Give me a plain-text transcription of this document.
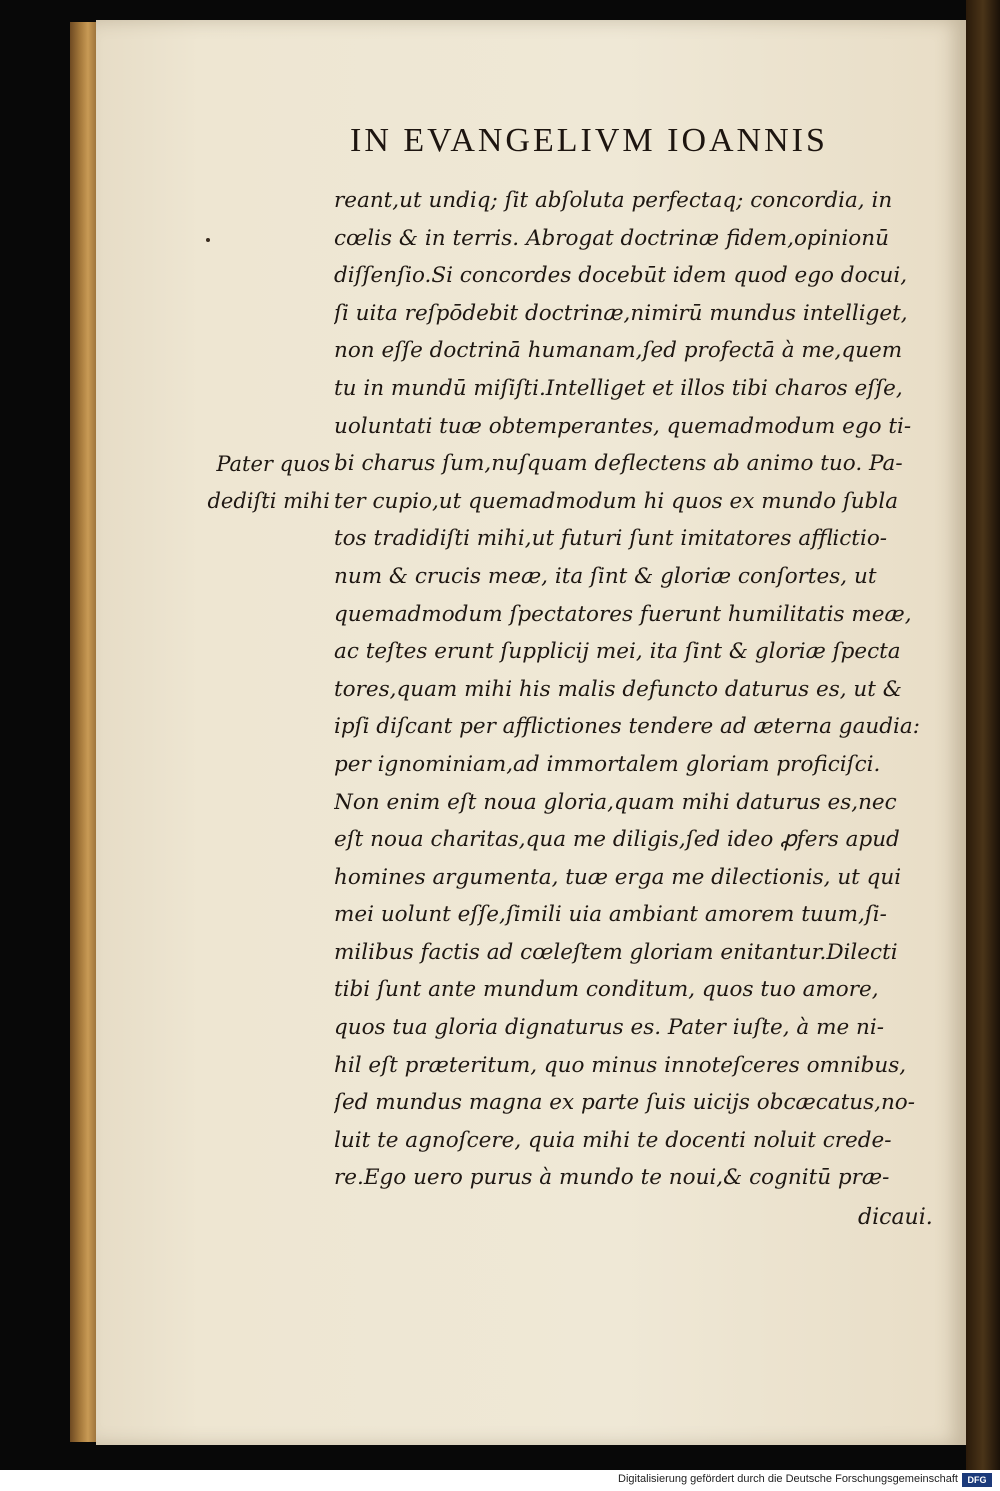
IN EVANGELIVM IOANNIS
Pater quos
dediſti mihi
reant,ut undiq; ſit abſoluta perfectaq; concordia, in
cœlis & in terris. Abrogat doctrinæ fidem,opinionū
diſſenſio.Si concordes docebūt idem quod ego docui,
ſi uita reſpōdebit doctrinæ,nimirū mundus intelliget,
non eſſe doctrinā humanam,ſed profectā à me,quem
tu in mundū miſiſti.Intelliget et illos tibi charos eſſe,
uoluntati tuæ obtemperantes, quemadmodum ego ti-
bi charus ſum,nuſquam deflectens ab animo tuo. Pa-
ter cupio,ut quemadmodum hi quos ex mundo ſubla
tos tradidiſti mihi,ut futuri ſunt imitatores afflictio-
num & crucis meæ, ita ſint & gloriæ conſortes, ut
quemadmodum ſpectatores fuerunt humilitatis meæ,
ac teſtes erunt ſupplicij mei, ita ſint & gloriæ ſpecta
tores,quam mihi his malis defuncto daturus es, ut &
ipſi diſcant per afflictiones tendere ad æterna gaudia:
per ignominiam,ad immortalem gloriam proficiſci.
Non enim eſt noua gloria,quam mihi daturus es,nec
eſt noua charitas,qua me diligis,ſed ideo ꝓfers apud
homines argumenta, tuæ erga me dilectionis, ut qui
mei uolunt eſſe,ſimili uia ambiant amorem tuum,ſi-
milibus factis ad cœleſtem gloriam enitantur.Dilecti
tibi ſunt ante mundum conditum, quos tuo amore,
quos tua gloria dignaturus es. Pater iuſte, à me ni-
hil eſt præteritum, quo minus innoteſceres omnibus,
ſed mundus magna ex parte ſuis uicijs obcæcatus,no-
luit te agnoſcere, quia mihi te docenti noluit crede-
re.Ego uero purus à mundo te noui,& cognitū præ-
dicaui.
Digitalisierung gefördert durch die Deutsche Forschungsgemeinschaft	DFG
